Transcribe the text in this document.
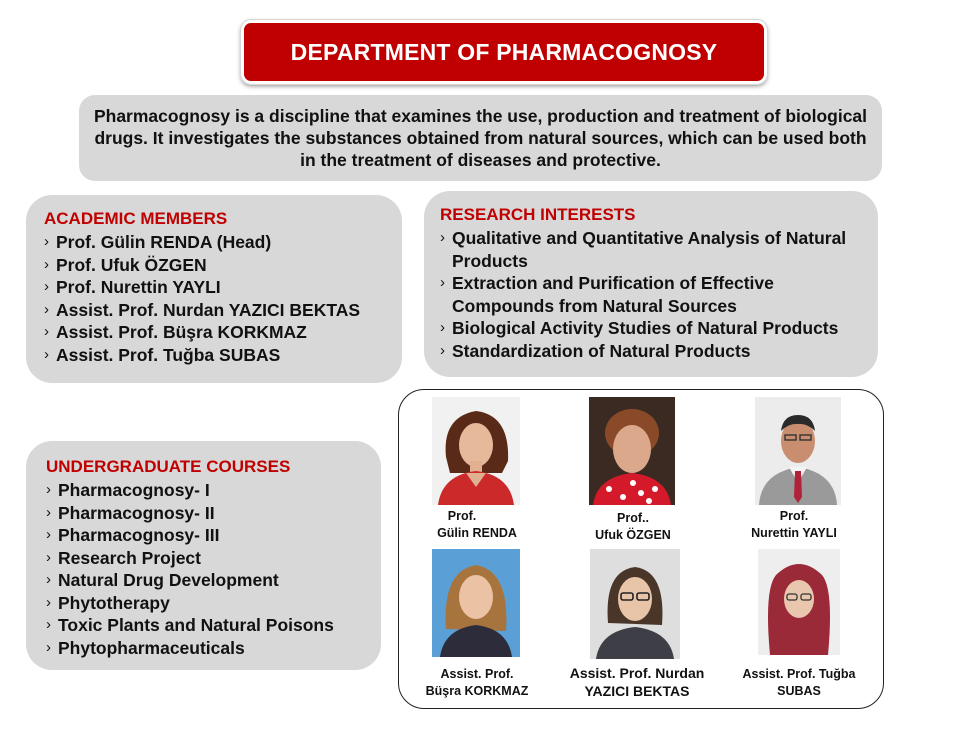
DEPARTMENT OF PHARMACOGNOSY

Pharmacognosy is a discipline that examines the use, production and treatment of biological drugs. It investigates the substances obtained from natural sources, which can be used both in the treatment of diseases and protective.

ACADEMIC MEMBERS
› Prof. Gülin RENDA (Head)
› Prof. Ufuk ÖZGEN
› Prof. Nurettin YAYLI
› Assist. Prof. Nurdan YAZICI BEKTAS
› Assist. Prof. Büşra KORKMAZ
› Assist. Prof. Tuğba SUBAS
RESEARCH INTERESTS
› Qualitative and Quantitative Analysis of Natural Products
› Extraction and Purification of Effective Compounds from Natural Sources
› Biological Activity Studies of Natural Products
› Standardization of Natural Products
UNDERGRADUATE COURSES
› Pharmacognosy- I
› Pharmacognosy- II
› Pharmacognosy- III
› Research Project
› Natural Drug Development
› Phytotherapy
› Toxic Plants and Natural Poisons
› Phytopharmaceuticals
Prof.
Gülin RENDA
Prof..
Ufuk ÖZGEN
Prof.
Nurettin YAYLI
Assist. Prof.
Büşra KORKMAZ
Assist. Prof. Nurdan
YAZICI BEKTAS
Assist. Prof. Tuğba
SUBAS
